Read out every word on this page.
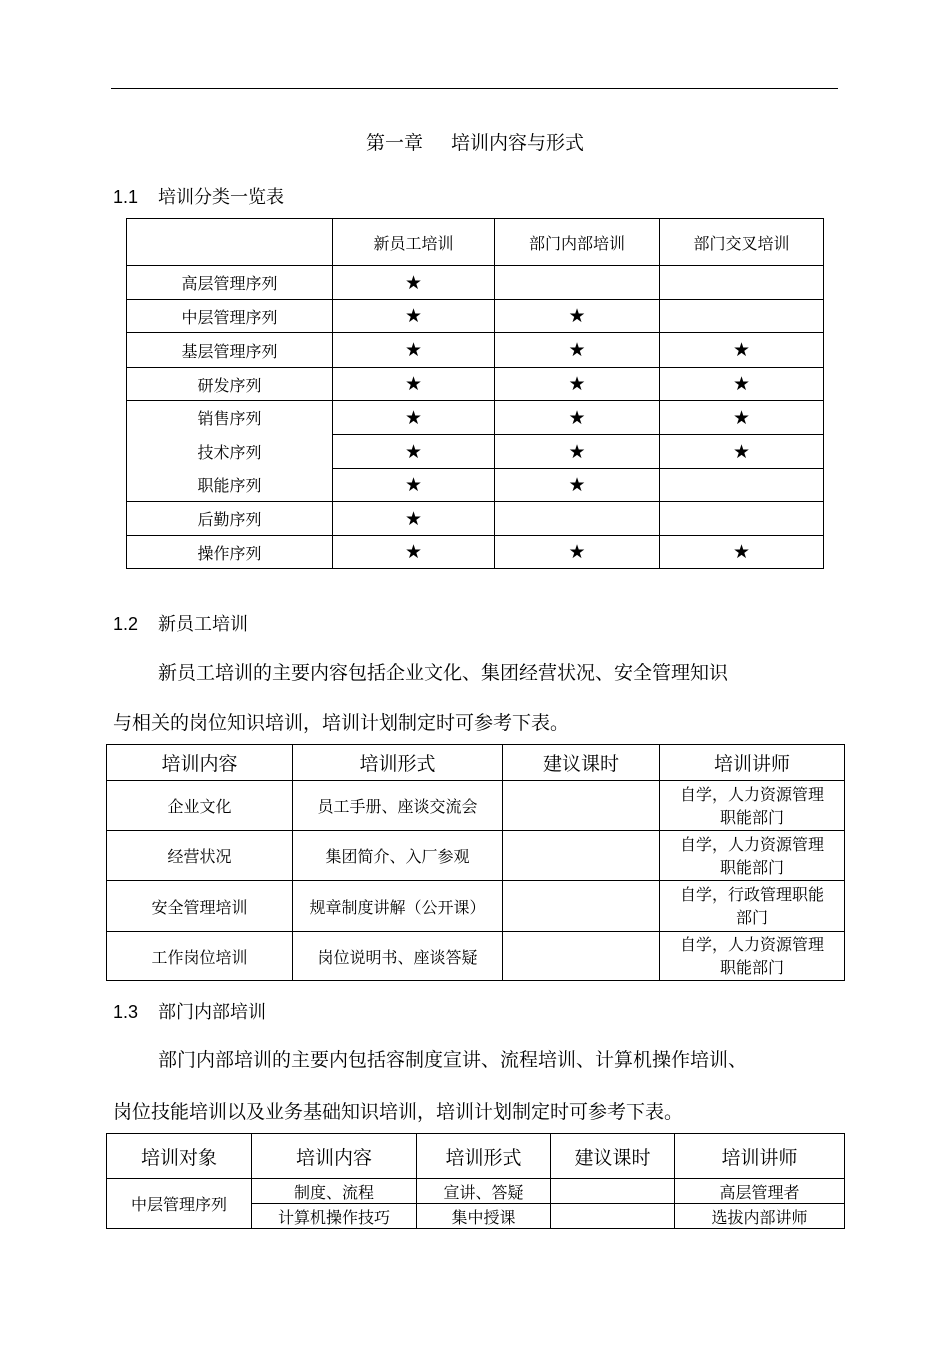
第一章 培训内容与形式
1.1 培训分类一览表
	新员工培训	部门内部培训	部门交叉培训
高层管理序列	★		
中层管理序列	★	★	
基层管理序列	★	★	★
研发序列	★	★	★
销售序列	★	★	★
技术序列	★	★	★
职能序列	★	★	
后勤序列	★		
操作序列	★	★	★
1.2 新员工培训
新员工培训的主要内容包括企业文化、集团经营状况、安全管理知识
与相关的岗位知识培训，培训计划制定时可参考下表。
培训内容	培训形式	建议课时	培训讲师
企业文化	员工手册、座谈交流会		自学，人力资源管理
职能部门

经营状况	集团简介、入厂参观		自学，人力资源管理
职能部门

安全管理培训	规章制度讲解（公开课）		自学，行政管理职能
部门

工作岗位培训	岗位说明书、座谈答疑		自学，人力资源管理
职能部门
1.3 部门内部培训
部门内部培训的主要内包括容制度宣讲、流程培训、计算机操作培训、
岗位技能培训以及业务基础知识培训，培训计划制定时可参考下表。
培训对象	培训内容	培训形式	建议课时	培训讲师
中层管理序列	制度、流程	宣讲、答疑		高层管理者
	计算机操作技巧	集中授课		选拔内部讲师
